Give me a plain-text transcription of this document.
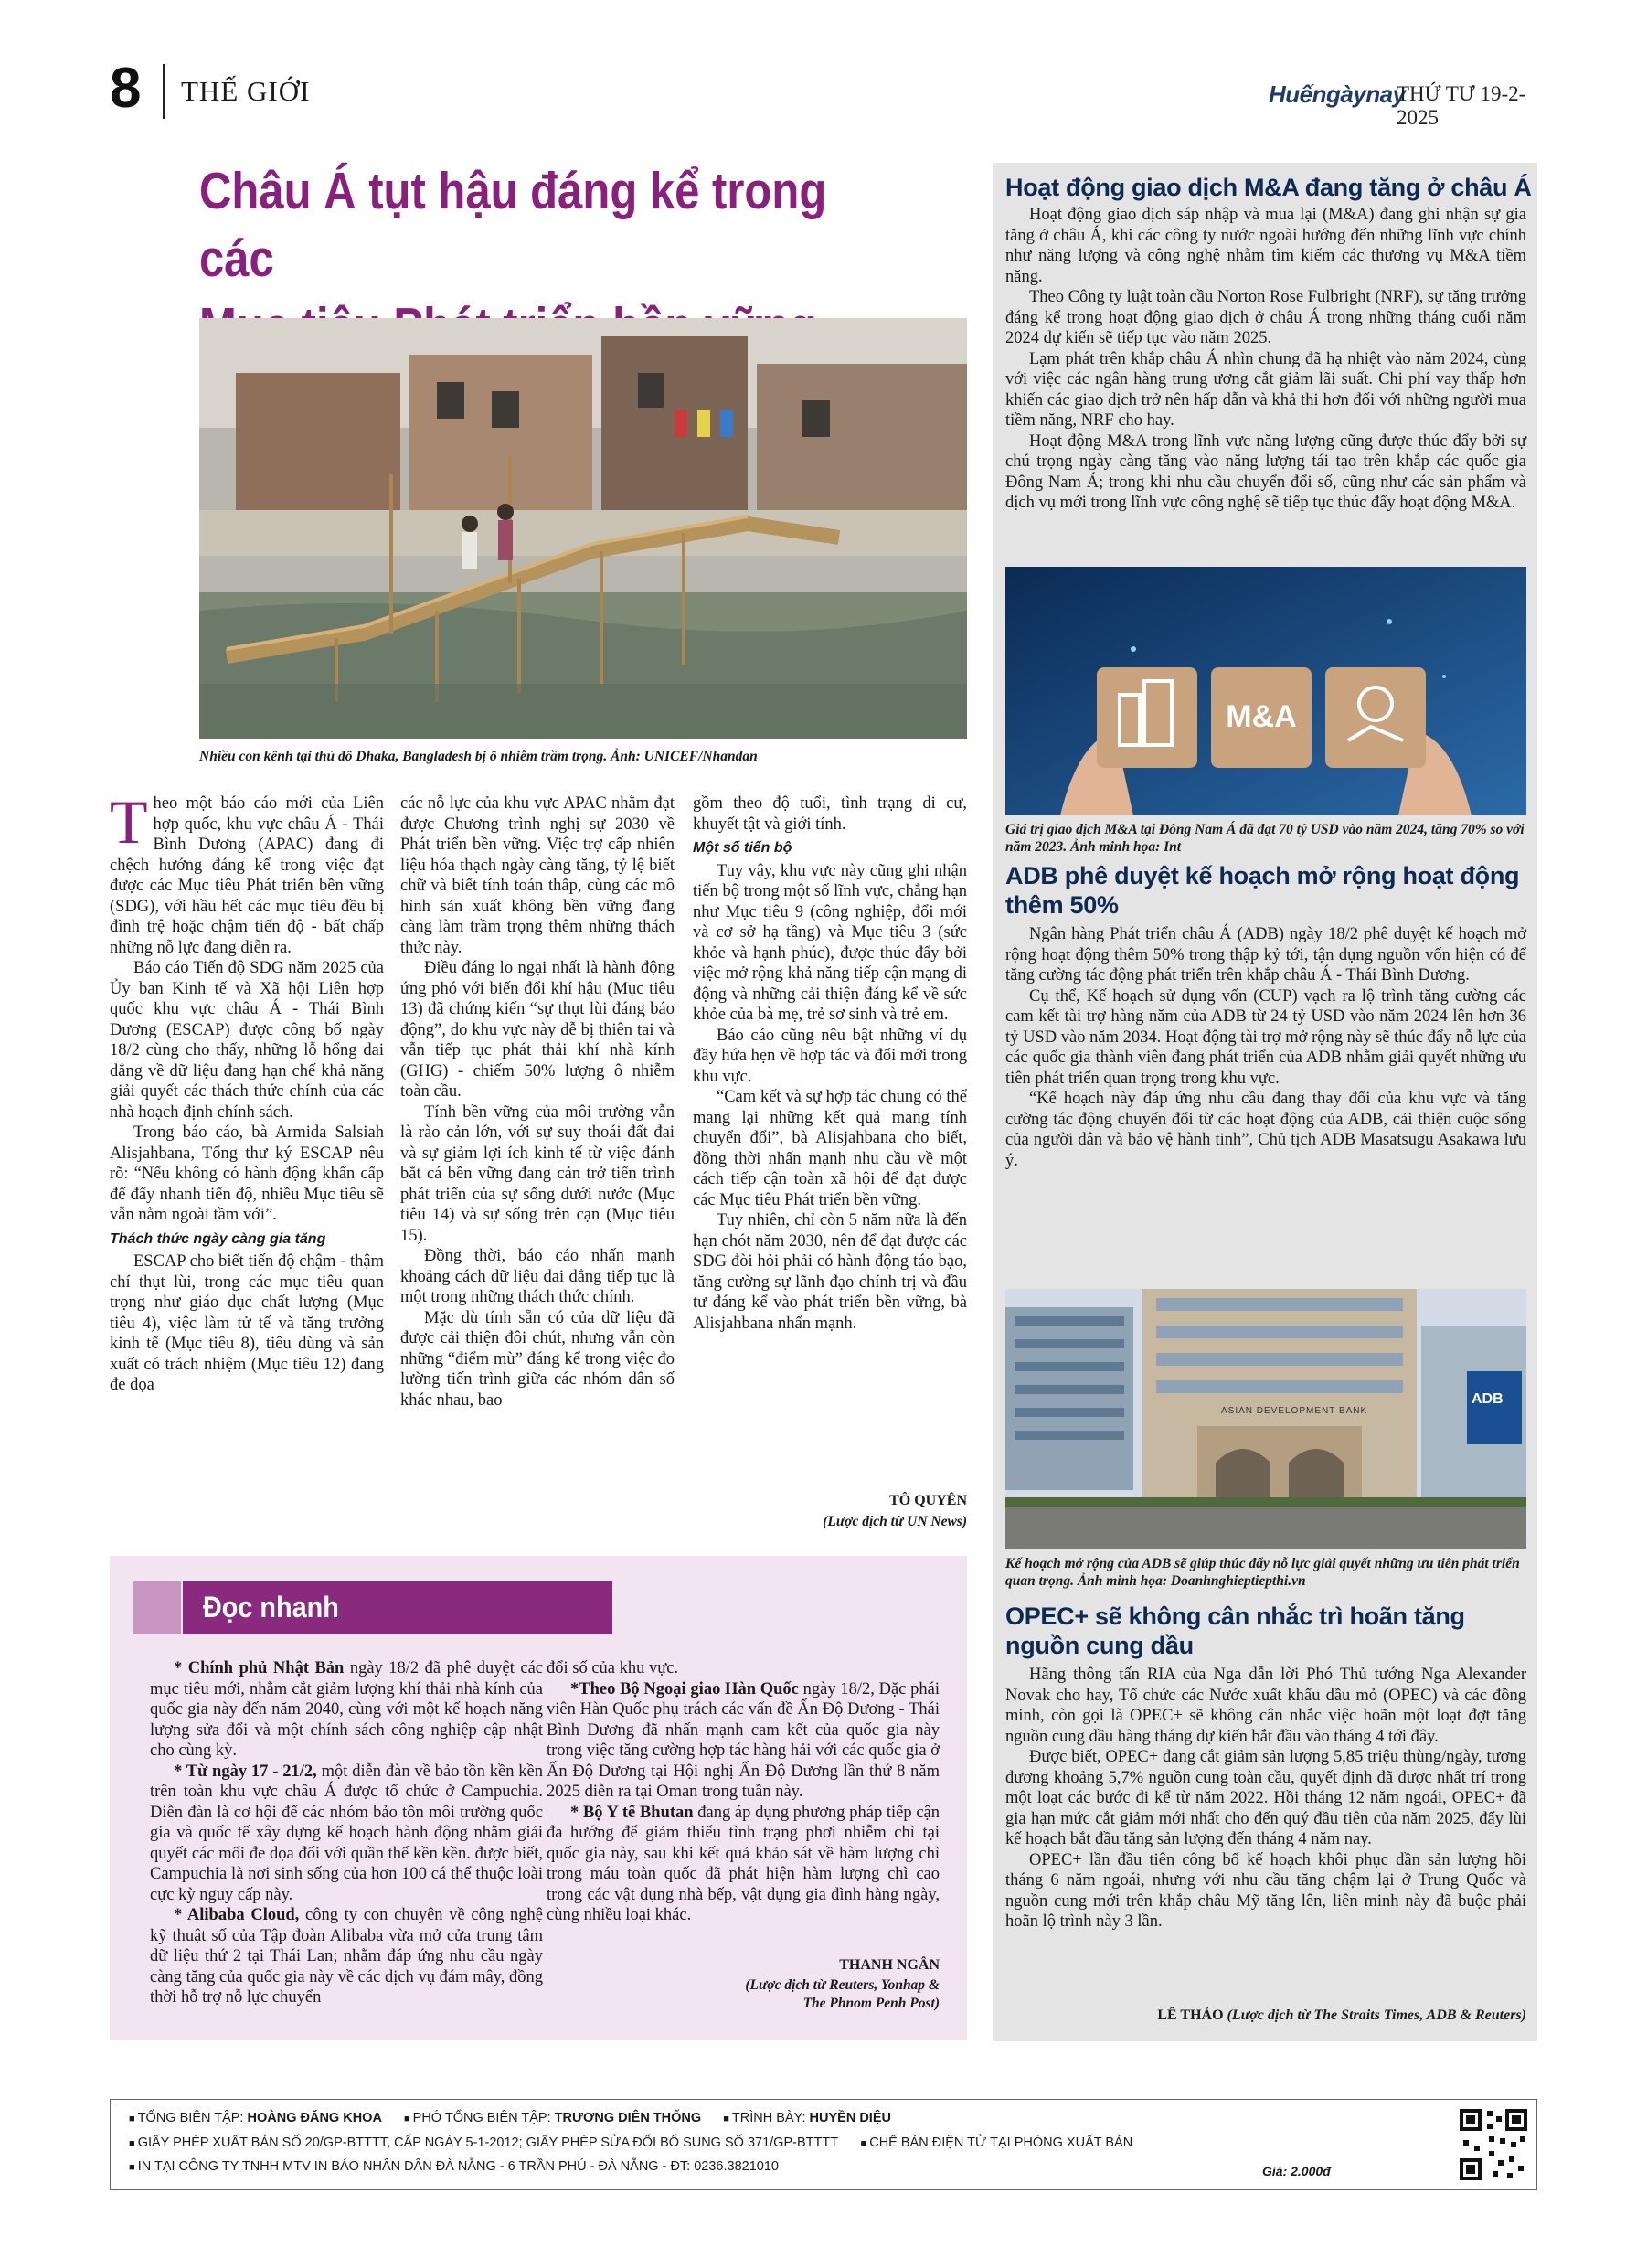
8 THẾ GIỚI	Huếngàynay
THỨ TƯ 19-2-2025
Châu Á tụt hậu đáng kể trong các
Nhiều con kênh tại thủ đô Dhaka, Bangladesh bị ô nhiễm trầm trọng. Ảnh: UNICEF/Nhandan

Theo một báo cáo mới của Liên hợp quốc, khu vực châu Á - Thái Bình Dương (APAC) đang đi chệch hướng đáng kể trong việc đạt được các Mục tiêu Phát triển bền vững (SDG), với hầu hết các mục tiêu đều bị đình trệ hoặc chậm tiến độ - bất chấp những nỗ lực đang diễn ra.

Báo cáo Tiến độ SDG năm 2025 của Ủy ban Kinh tế và Xã hội Liên hợp quốc khu vực châu Á - Thái Bình Dương (ESCAP) được công bố ngày 18/2 cùng cho thấy, những lỗ hổng dai dẳng về dữ liệu đang hạn chế khả năng giải quyết các thách thức chính của các nhà hoạch định chính sách.

Trong báo cáo, bà Armida Salsiah Alisjahbana, Tổng thư ký ESCAP nêu rõ: “Nếu không có hành động khẩn cấp để đẩy nhanh tiến độ, nhiều Mục tiêu sẽ vẫn nằm ngoài tầm với”.

Thách thức ngày càng gia tăng

ESCAP cho biết tiến độ chậm - thậm chí thụt lùi, trong các mục tiêu quan trọng như giáo dục chất lượng (Mục tiêu 4), việc làm tử tế và tăng trưởng kinh tế (Mục tiêu 8), tiêu dùng và sản xuất có trách nhiệm (Mục tiêu 12) đang đe dọa

các nỗ lực của khu vực APAC nhằm đạt được Chương trình nghị sự 2030 về Phát triển bền vững. Việc trợ cấp nhiên liệu hóa thạch ngày càng tăng, tỷ lệ biết chữ và biết tính toán thấp, cùng các mô hình sản xuất không bền vững đang càng làm trầm trọng thêm những thách thức này.

Điều đáng lo ngại nhất là hành động ứng phó với biến đổi khí hậu (Mục tiêu 13) đã chứng kiến “sự thụt lùi đáng báo động”, do khu vực này dễ bị thiên tai và vẫn tiếp tục phát thải khí nhà kính (GHG) - chiếm 50% lượng ô nhiễm toàn cầu.

Tính bền vững của môi trường vẫn là rào cản lớn, với sự suy thoái đất đai và sự giảm lợi ích kinh tế từ việc đánh bắt cá bền vững đang cản trở tiến trình phát triển của sự sống dưới nước (Mục tiêu 14) và sự sống trên cạn (Mục tiêu 15).

Đồng thời, báo cáo nhấn mạnh khoảng cách dữ liệu dai dẳng tiếp tục là một trong những thách thức chính.

Mặc dù tính sẵn có của dữ liệu đã được cải thiện đôi chút, nhưng vẫn còn những “điểm mù” đáng kể trong việc đo lường tiến trình giữa các nhóm dân số khác nhau, bao

gồm theo độ tuổi, tình trạng di cư, khuyết tật và giới tính.

Một số tiến bộ

Tuy vậy, khu vực này cũng ghi nhận tiến bộ trong một số lĩnh vực, chẳng hạn như Mục tiêu 9 (công nghiệp, đổi mới và cơ sở hạ tầng) và Mục tiêu 3 (sức khỏe và hạnh phúc), được thúc đẩy bởi việc mở rộng khả năng tiếp cận mạng di động và những cải thiện đáng kể về sức khỏe của bà mẹ, trẻ sơ sinh và trẻ em.

Báo cáo cũng nêu bật những ví dụ đầy hứa hẹn về hợp tác và đổi mới trong khu vực.

“Cam kết và sự hợp tác chung có thể mang lại những kết quả mang tính chuyển đổi”, bà Alisjahbana cho biết, đồng thời nhấn mạnh nhu cầu về một cách tiếp cận toàn xã hội để đạt được các Mục tiêu Phát triển bền vững.

Tuy nhiên, chỉ còn 5 năm nữa là đến hạn chót năm 2030, nên để đạt được các SDG đòi hỏi phải có hành động táo bạo, tăng cường sự lãnh đạo chính trị và đầu tư đáng kể vào phát triển bền vững, bà Alisjahbana nhấn mạnh.

TÔ QUYÊN
(Lược dịch từ UN News)
Đọc nhanh

* Chính phủ Nhật Bản ngày 18/2 đã phê duyệt các mục tiêu mới, nhằm cắt giảm lượng khí thải nhà kính của quốc gia này đến năm 2040, cùng với một kế hoạch năng lượng sửa đổi và một chính sách công nghiệp cập nhật cho cùng kỳ.

* Từ ngày 17 - 21/2, một diễn đàn về bảo tồn kền kền trên toàn khu vực châu Á được tổ chức ở Campuchia. Diễn đàn là cơ hội để các nhóm bảo tồn môi trường quốc gia và quốc tế xây dựng kế hoạch hành động nhằm giải quyết các mối đe dọa đối với quần thể kền kền. được biết, Campuchia là nơi sinh sống của hơn 100 cá thể thuộc loài cực kỳ nguy cấp này.

* Alibaba Cloud, công ty con chuyên về công nghệ kỹ thuật số của Tập đoàn Alibaba vừa mở cửa trung tâm dữ liệu thứ 2 tại Thái Lan; nhằm đáp ứng nhu cầu ngày càng tăng của quốc gia này về các dịch vụ đám mây, đồng thời hỗ trợ nỗ lực chuyển

đổi số của khu vực.

*Theo Bộ Ngoại giao Hàn Quốc ngày 18/2, Đặc phái viên Hàn Quốc phụ trách các vấn đề Ấn Độ Dương - Thái Bình Dương đã nhấn mạnh cam kết của quốc gia này trong việc tăng cường hợp tác hàng hải với các quốc gia ở Ấn Độ Dương tại Hội nghị Ấn Độ Dương lần thứ 8 năm 2025 diễn ra tại Oman trong tuần này.

* Bộ Y tế Bhutan đang áp dụng phương pháp tiếp cận đa hướng để giảm thiểu tình trạng phơi nhiễm chì tại quốc gia này, sau khi kết quả khảo sát về hàm lượng chì trong máu toàn quốc đã phát hiện hàm lượng chì cao trong các vật dụng nhà bếp, vật dụng gia đình hàng ngày, cùng nhiều loại khác.

THANH NGÂN
(Lược dịch từ Reuters, Yonhap &
The Phnom Penh Post)
Hoạt động giao dịch M&A đang tăng ở châu Á

Hoạt động giao dịch sáp nhập và mua lại (M&A) đang ghi nhận sự gia tăng ở châu Á, khi các công ty nước ngoài hướng đến những lĩnh vực chính như năng lượng và công nghệ nhằm tìm kiếm các thương vụ M&A tiềm năng.

Theo Công ty luật toàn cầu Norton Rose Fulbright (NRF), sự tăng trưởng đáng kể trong hoạt động giao dịch ở châu Á trong những tháng cuối năm 2024 dự kiến sẽ tiếp tục vào năm 2025.

Lạm phát trên khắp châu Á nhìn chung đã hạ nhiệt vào năm 2024, cùng với việc các ngân hàng trung ương cắt giảm lãi suất. Chi phí vay thấp hơn khiến các giao dịch trở nên hấp dẫn và khả thi hơn đối với những người mua tiềm năng, NRF cho hay.

Hoạt động M&A trong lĩnh vực năng lượng cũng được thúc đẩy bởi sự chú trọng ngày càng tăng vào năng lượng tái tạo trên khắp các quốc gia Đông Nam Á; trong khi nhu cầu chuyển đổi số, cũng như các sản phẩm và dịch vụ mới trong lĩnh vực công nghệ sẽ tiếp tục thúc đẩy hoạt động M&A.

M&A
Giá trị giao dịch M&A tại Đông Nam Á đã đạt 70 tỷ USD vào năm 2024, tăng 70% so với năm 2023. Ảnh minh họa: Int
ADB phê duyệt kế hoạch mở rộng hoạt động thêm 50%

Ngân hàng Phát triển châu Á (ADB) ngày 18/2 phê duyệt kế hoạch mở rộng hoạt động thêm 50% trong thập kỷ tới, tận dụng nguồn vốn hiện có để tăng cường tác động phát triển trên khắp châu Á - Thái Bình Dương.

Cụ thể, Kế hoạch sử dụng vốn (CUP) vạch ra lộ trình tăng cường các cam kết tài trợ hàng năm của ADB từ 24 tỷ USD vào năm 2024 lên hơn 36 tỷ USD vào năm 2034. Hoạt động tài trợ mở rộng này sẽ thúc đẩy nỗ lực của các quốc gia thành viên đang phát triển của ADB nhằm giải quyết những ưu tiên phát triển quan trọng trong khu vực.

“Kế hoạch này đáp ứng nhu cầu đang thay đổi của khu vực và tăng cường tác động chuyển đổi từ các hoạt động của ADB, cải thiện cuộc sống của người dân và bảo vệ hành tinh”, Chủ tịch ADB Masatsugu Asakawa lưu ý.

ASIAN DEVELOPMENT BANK
ADB
Kế hoạch mở rộng của ADB sẽ giúp thúc đẩy nỗ lực giải quyết những ưu tiên phát triển quan trọng. Ảnh minh họa: Doanhnghieptiepthi.vn
OPEC+ sẽ không cân nhắc trì hoãn tăng nguồn cung dầu

Hãng thông tấn RIA của Nga dẫn lời Phó Thủ tướng Nga Alexander Novak cho hay, Tổ chức các Nước xuất khẩu dầu mỏ (OPEC) và các đồng minh, còn gọi là OPEC+ sẽ không cân nhắc việc hoãn một loạt đợt tăng nguồn cung dầu hàng tháng dự kiến bắt đầu vào tháng 4 tới đây.

Được biết, OPEC+ đang cắt giảm sản lượng 5,85 triệu thùng/ngày, tương đương khoảng 5,7% nguồn cung toàn cầu, quyết định đã được nhất trí trong một loạt các bước đi kể từ năm 2022. Hồi tháng 12 năm ngoái, OPEC+ đã gia hạn mức cắt giảm mới nhất cho đến quý đầu tiên của năm 2025, đẩy lùi kế hoạch bắt đầu tăng sản lượng đến tháng 4 năm nay.

OPEC+ lần đầu tiên công bố kế hoạch khôi phục dần sản lượng hồi tháng 6 năm ngoái, nhưng với nhu cầu tăng chậm lại ở Trung Quốc và nguồn cung mới trên khắp châu Mỹ tăng lên, liên minh này đã buộc phải hoãn lộ trình này 3 lần.

LÊ THẢO (Lược dịch từ The Straits Times, ADB & Reuters)
■ TỔNG BIÊN TẬP: HOÀNG ĐĂNG KHOA ■ PHÓ TỔNG BIÊN TẬP: TRƯƠNG DIÊN THỐNG ■ TRÌNH BÀY: HUYỀN DIỆU
■ GIẤY PHÉP XUẤT BẢN SỐ 20/GP-BTTTT, CẤP NGÀY 5-1-2012; GIẤY PHÉP SỬA ĐỔI BỔ SUNG SỐ 371/GP-BTTTT ■ CHẾ BẢN ĐIỆN TỬ TẠI PHÒNG XUẤT BẢN
■ IN TẠI CÔNG TY TNHH MTV IN BÁO NHÂN DÂN ĐÀ NẴNG - 6 TRẦN PHÚ - ĐÀ NẴNG - ĐT: 0236.3821010	Giá: 2.000đ
